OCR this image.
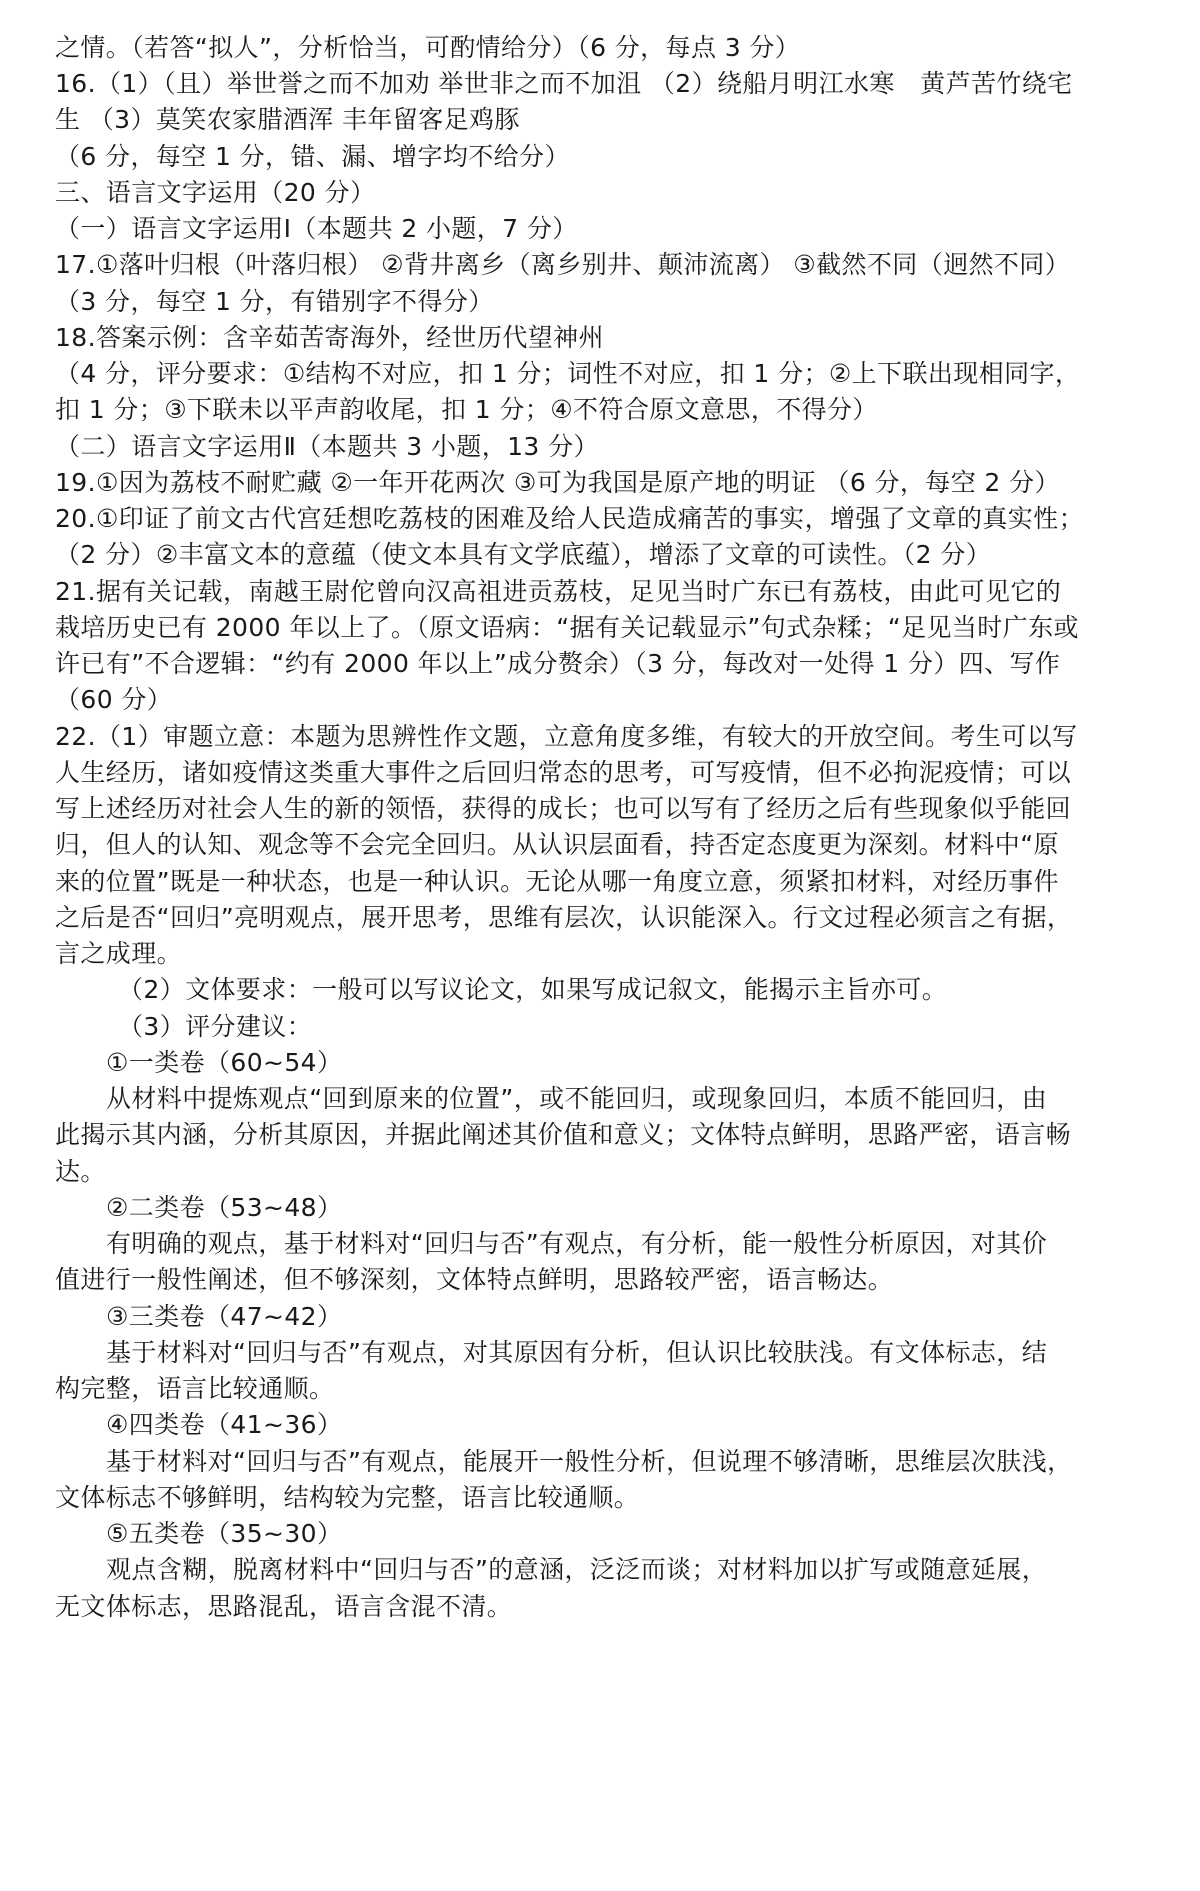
之情。（若答“拟人”，分析恰当，可酌情给分）（6 分，每点 3 分）
16.（1）（且）举世誉之而不加劝 举世非之而不加沮 （2）绕船月明江水寒　黄芦苦竹绕宅
生 （3）莫笑农家腊酒浑 丰年留客足鸡豚
（6 分，每空 1 分，错、漏、增字均不给分）
三、语言文字运用（20 分）
（一）语言文字运用Ⅰ（本题共 2 小题，7 分）
17.①落叶归根（叶落归根） ②背井离乡（离乡别井、颠沛流离） ③截然不同（迥然不同）
（3 分，每空 1 分，有错别字不得分）
18.答案示例：含辛茹苦寄海外，经世历代望神州
（4 分，评分要求：①结构不对应，扣 1 分；词性不对应，扣 1 分；②上下联出现相同字，
扣 1 分；③下联未以平声韵收尾，扣 1 分；④不符合原文意思，不得分）
（二）语言文字运用Ⅱ（本题共 3 小题，13 分）
19.①因为荔枝不耐贮藏 ②一年开花两次 ③可为我国是原产地的明证 （6 分，每空 2 分）
20.①印证了前文古代宫廷想吃荔枝的困难及给人民造成痛苦的事实，增强了文章的真实性；
（2 分）②丰富文本的意蕴（使文本具有文学底蕴），增添了文章的可读性。（2 分）
21.据有关记载，南越王尉佗曾向汉高祖进贡荔枝，足见当时广东已有荔枝，由此可见它的
栽培历史已有 2000 年以上了。（原文语病：“据有关记载显示”句式杂糅；“足见当时广东或
许已有”不合逻辑：“约有 2000 年以上”成分赘余）（3 分，每改对一处得 1 分）四、写作
（60 分）
22.（1）审题立意：本题为思辨性作文题，立意角度多维，有较大的开放空间。考生可以写
人生经历，诸如疫情这类重大事件之后回归常态的思考，可写疫情，但不必拘泥疫情；可以
写上述经历对社会人生的新的领悟，获得的成长；也可以写有了经历之后有些现象似乎能回
归，但人的认知、观念等不会完全回归。从认识层面看，持否定态度更为深刻。材料中“原
来的位置”既是一种状态，也是一种认识。无论从哪一角度立意，须紧扣材料，对经历事件
之后是否“回归”亮明观点，展开思考，思维有层次，认识能深入。行文过程必须言之有据，
言之成理。
（2）文体要求：一般可以写议论文，如果写成记叙文，能揭示主旨亦可。
（3）评分建议：
①一类卷（60~54）
从材料中提炼观点“回到原来的位置”，或不能回归，或现象回归，本质不能回归，由
此揭示其内涵，分析其原因，并据此阐述其价值和意义；文体特点鲜明，思路严密，语言畅
达。
②二类卷（53~48）
有明确的观点，基于材料对“回归与否”有观点，有分析，能一般性分析原因，对其价
值进行一般性阐述，但不够深刻，文体特点鲜明，思路较严密，语言畅达。
③三类卷（47~42）
基于材料对“回归与否”有观点，对其原因有分析，但认识比较肤浅。有文体标志，结
构完整，语言比较通顺。
④四类卷（41~36）
基于材料对“回归与否”有观点，能展开一般性分析，但说理不够清晰，思维层次肤浅，
文体标志不够鲜明，结构较为完整，语言比较通顺。
⑤五类卷（35~30）
观点含糊，脱离材料中“回归与否”的意涵，泛泛而谈；对材料加以扩写或随意延展，
无文体标志，思路混乱，语言含混不清。
